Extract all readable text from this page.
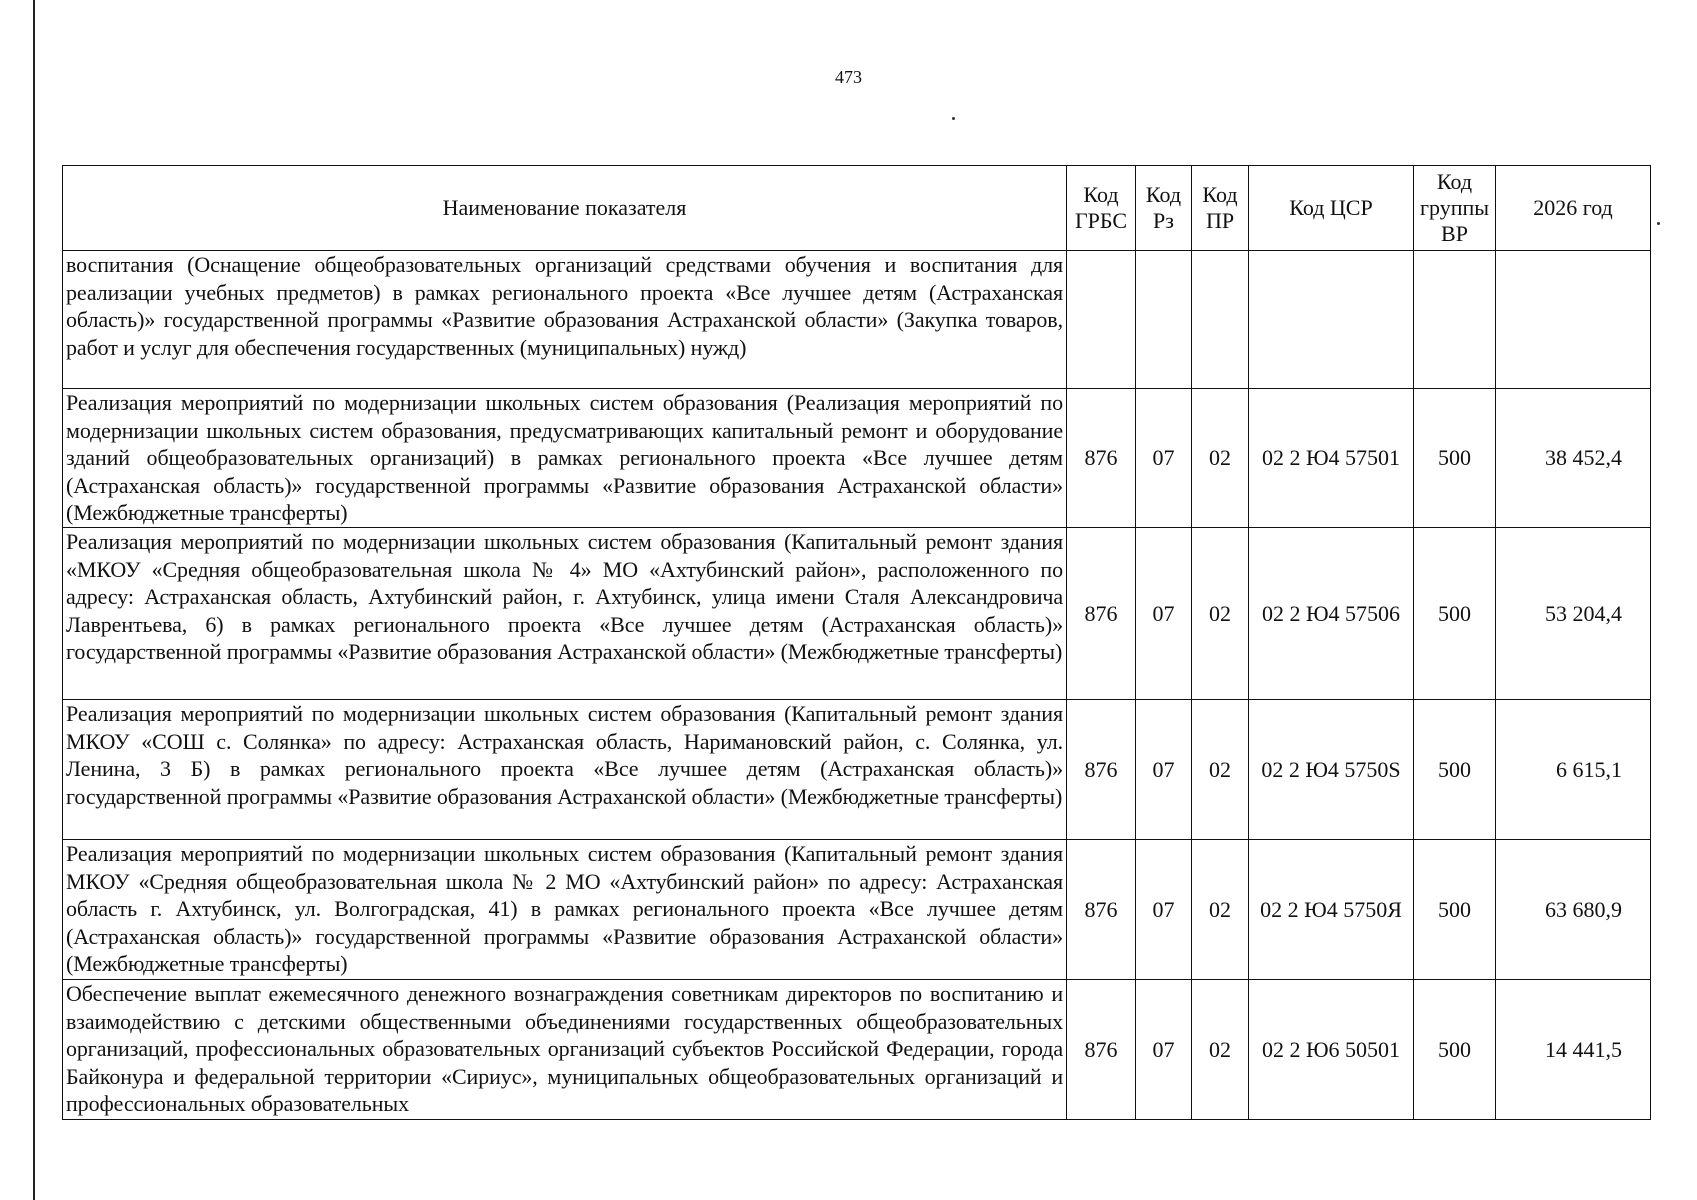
473
Наименование показателя	Код ГРБС	Код Рз	Код ПР	Код ЦСР	Код группы ВР	2026 год
воспитания (Оснащение общеобразовательных организаций средствами обучения и воспитания для реализации учебных предметов) в рамках регионального проекта «Все лучшее детям (Астраханская область)» государственной программы «Развитие образования Астраханской области» (Закупка товаров, работ и услуг для обеспечения государственных (муниципальных) нужд)						
Реализация мероприятий по модернизации школьных систем образования (Реализация мероприятий по модернизации школьных систем образования, предусматривающих капитальный ремонт и оборудование зданий общеобразовательных организаций) в рамках регионального проекта «Все лучшее детям (Астраханская область)» государственной программы «Развитие образования Астраханской области» (Межбюджетные трансферты)	876	07	02	02 2 Ю4 57501	500	38 452,4
Реализация мероприятий по модернизации школьных систем образования (Капитальный ремонт здания «МКОУ «Средняя общеобразовательная школа № 4» МО «Ахтубинский район», расположенного по адресу: Астраханская область, Ахтубинский район, г. Ахтубинск, улица имени Сталя Александровича Лаврентьева, 6) в рамках регионального проекта «Все лучшее детям (Астраханская область)» государственной программы «Развитие образования Астраханской области» (Межбюджетные трансферты)	876	07	02	02 2 Ю4 57506	500	53 204,4
Реализация мероприятий по модернизации школьных систем образования (Капитальный ремонт здания МКОУ «СОШ с. Солянка» по адресу: Астраханская область, Наримановский район, с. Солянка, ул. Ленина, 3 Б) в рамках регионального проекта «Все лучшее детям (Астраханская область)» государственной программы «Развитие образования Астраханской области» (Межбюджетные трансферты)	876	07	02	02 2 Ю4 5750S	500	6 615,1
Реализация мероприятий по модернизации школьных систем образования (Капитальный ремонт здания МКОУ «Средняя общеобразовательная школа № 2 МО «Ахтубинский район» по адресу: Астраханская область г. Ахтубинск, ул. Волгоградская, 41) в рамках регионального проекта «Все лучшее детям (Астраханская область)» государственной программы «Развитие образования Астраханской области» (Межбюджетные трансферты)	876	07	02	02 2 Ю4 5750Я	500	63 680,9
Обеспечение выплат ежемесячного денежного вознаграждения советникам директоров по воспитанию и взаимодействию с детскими общественными объединениями государственных общеобразовательных организаций, профессиональных образовательных организаций субъектов Российской Федерации, города Байконура и федеральной территории «Сириус», муниципальных общеобразовательных организаций и профессиональных образовательных	876	07	02	02 2 Ю6 50501	500	14 441,5
